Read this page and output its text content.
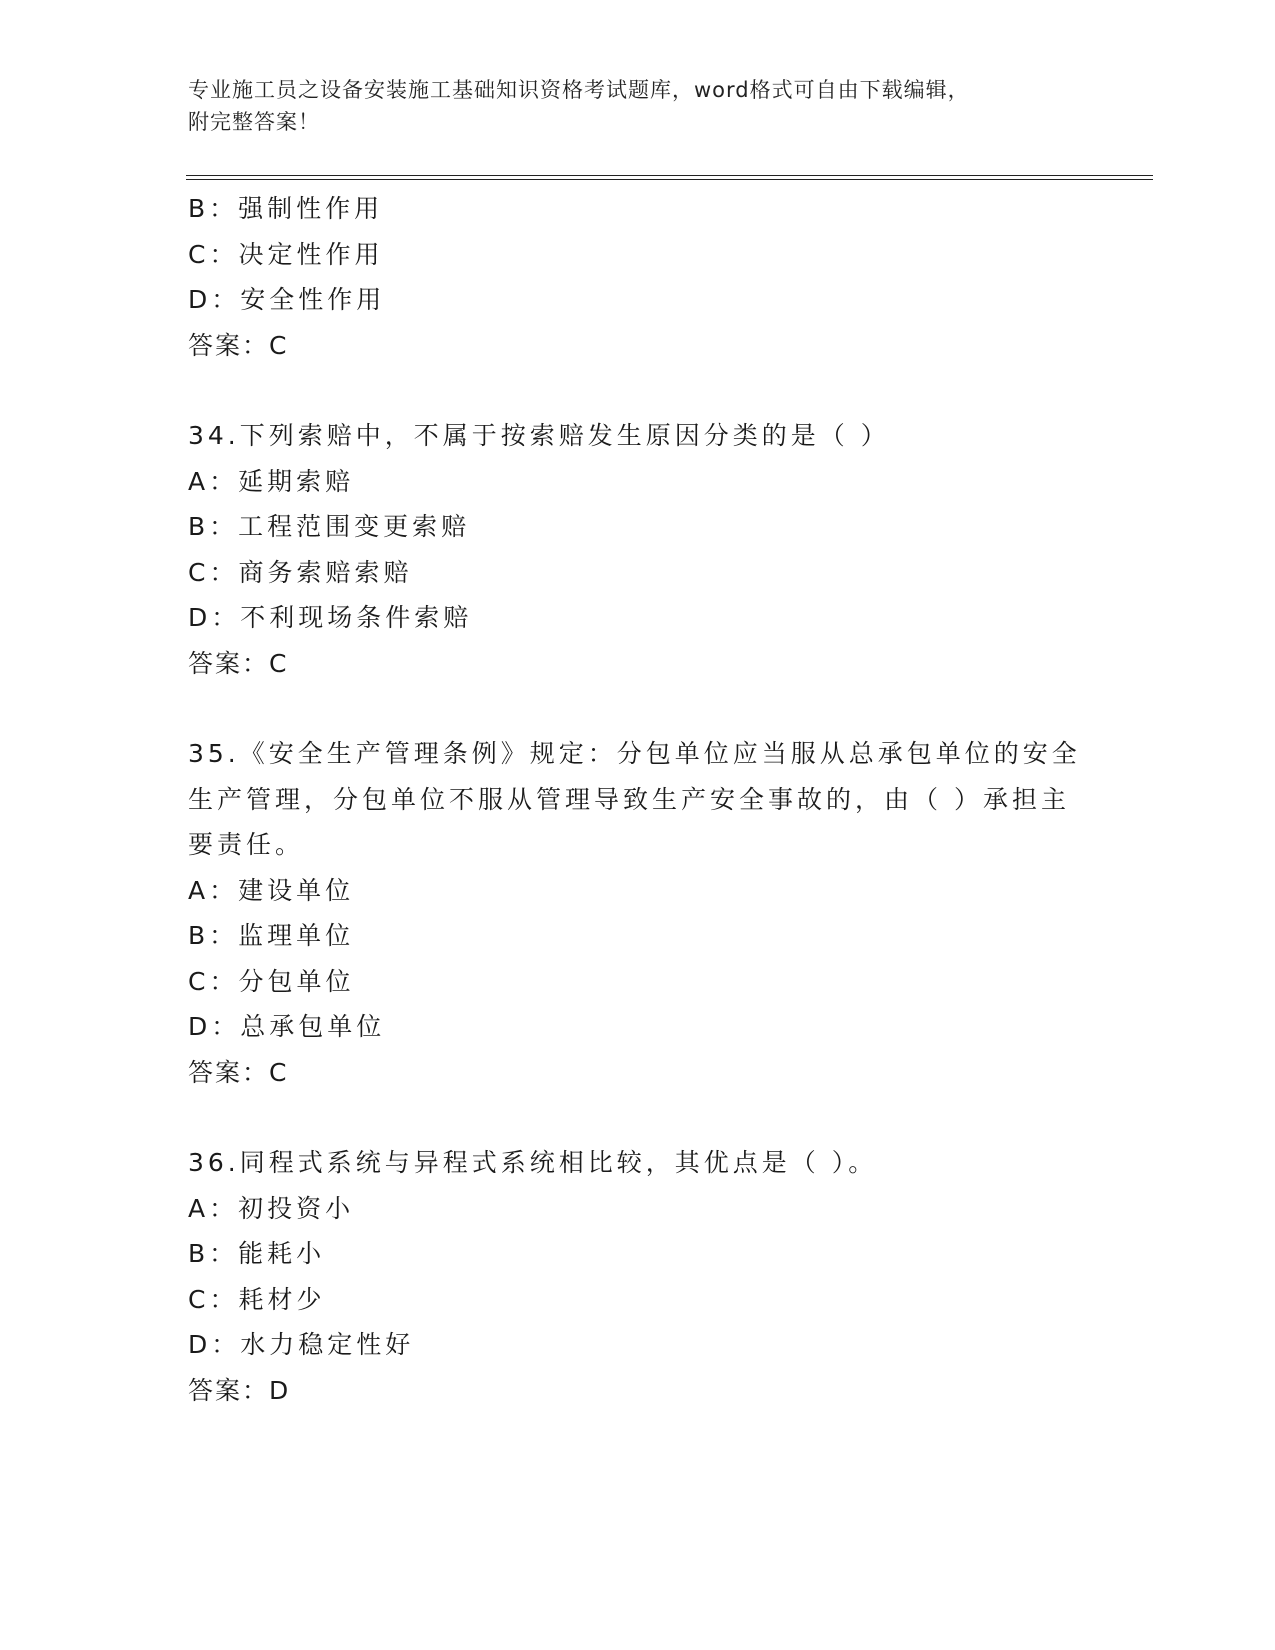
专业施工员之设备安装施工基础知识资格考试题库，word格式可自由下载编辑，
附完整答案！
B：强制性作用
C：决定性作用
D：安全性作用
答案：C
34.下列索赔中，不属于按索赔发生原因分类的是（ ）
A：延期索赔
B：工程范围变更索赔
C：商务索赔索赔
D：不利现场条件索赔
答案：C
35.《安全生产管理条例》规定：分包单位应当服从总承包单位的安全
生产管理，分包单位不服从管理导致生产安全事故的，由（ ）承担主
要责任。
A：建设单位
B：监理单位
C：分包单位
D：总承包单位
答案：C
36.同程式系统与异程式系统相比较，其优点是（ ）。
A：初投资小
B：能耗小
C：耗材少
D：水力稳定性好
答案：D
